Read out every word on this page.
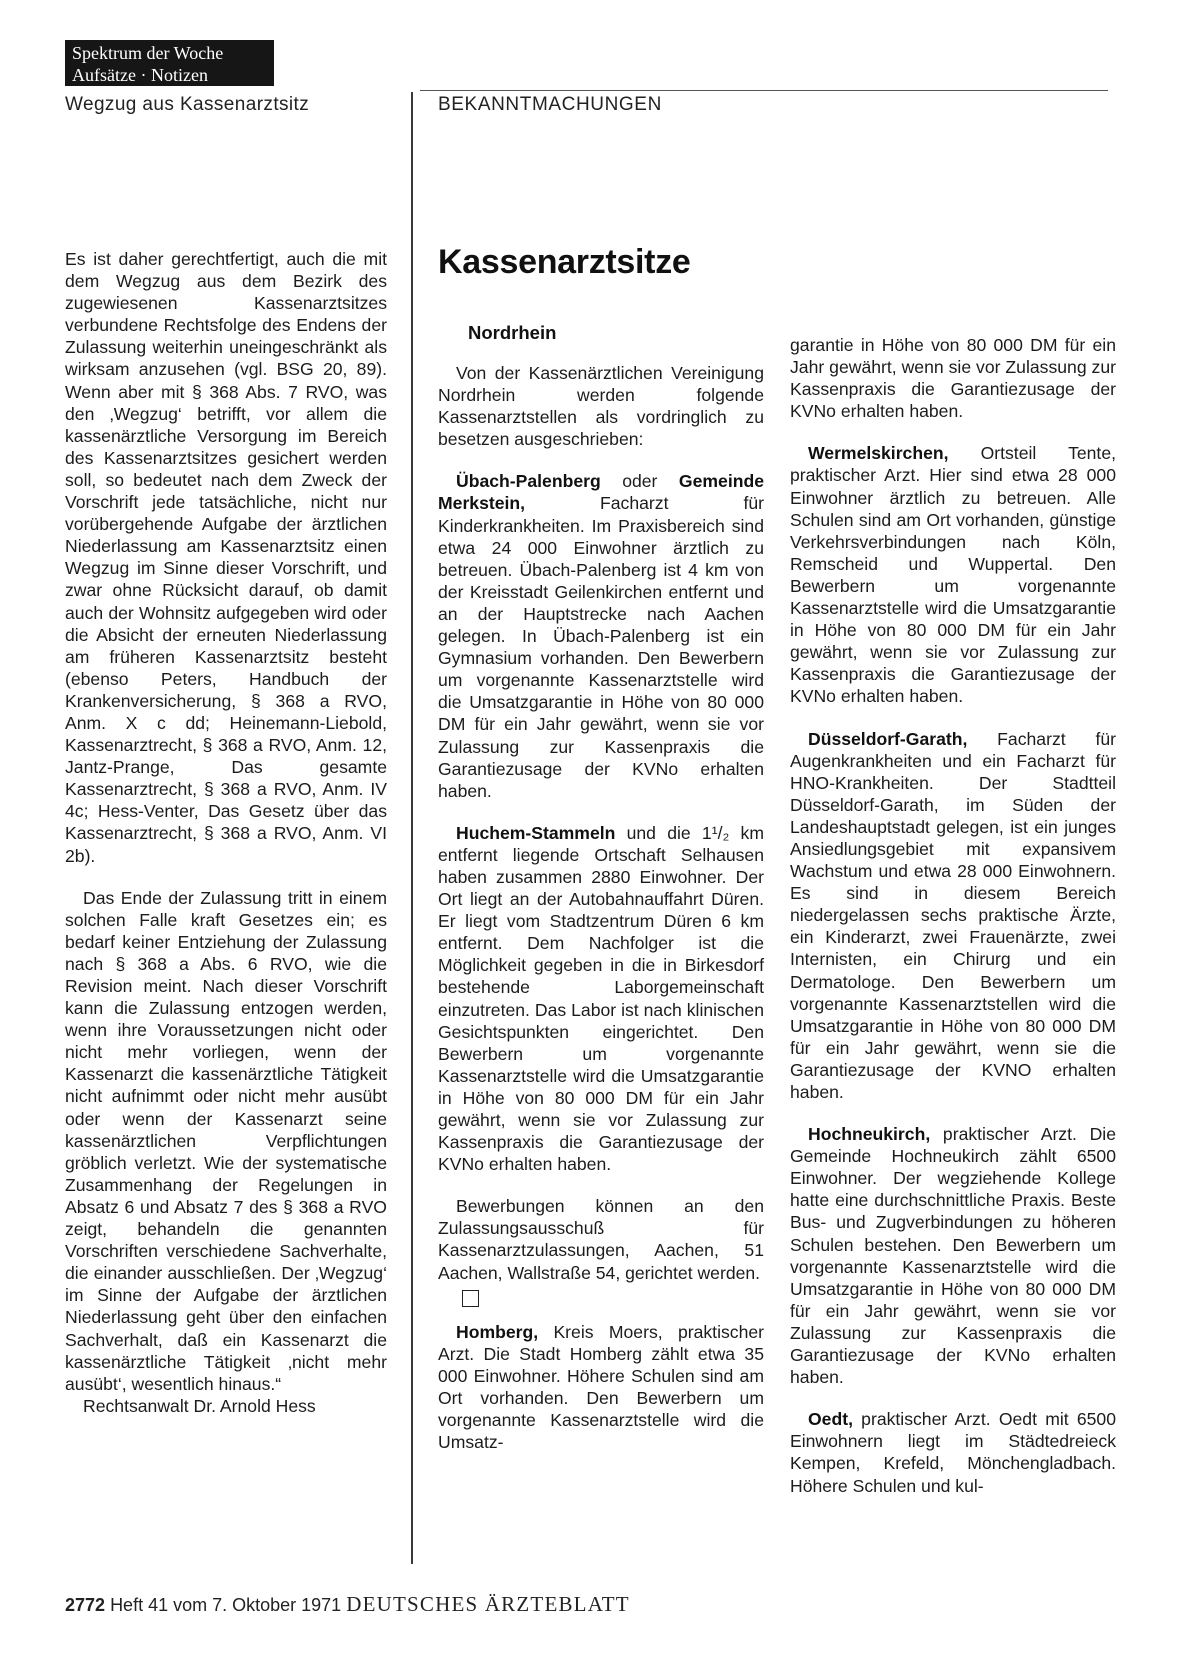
Spektrum der Woche
Aufsätze · Notizen
Wegzug aus Kassenarztsitz	BEKANNTMACHUNGEN

Es ist daher gerechtfertigt, auch die mit dem Wegzug aus dem Bezirk des zugewiesenen Kassenarztsitzes verbundene Rechtsfolge des Endens der Zulassung weiterhin uneingeschränkt als wirksam anzusehen (vgl. BSG 20, 89). Wenn aber mit § 368 Abs. 7 RVO, was den ‚Wegzug‘ betrifft, vor allem die kassenärztliche Versorgung im Bereich des Kassenarztsitzes gesichert werden soll, so bedeutet nach dem Zweck der Vorschrift jede tatsächliche, nicht nur vorübergehende Aufgabe der ärztlichen Niederlassung am Kassenarztsitz einen Wegzug im Sinne dieser Vorschrift, und zwar ohne Rücksicht darauf, ob damit auch der Wohnsitz aufgegeben wird oder die Absicht der erneuten Niederlassung am früheren Kassenarztsitz besteht (ebenso Peters, Handbuch der Krankenversicherung, § 368 a RVO, Anm. X c dd; Heinemann-Liebold, Kassenarztrecht, § 368 a RVO, Anm. 12, Jantz-Prange, Das gesamte Kassenarztrecht, § 368 a RVO, Anm. IV 4c; Hess-Venter, Das Gesetz über das Kassenarztrecht, § 368 a RVO, Anm. VI 2b).

Das Ende der Zulassung tritt in einem solchen Falle kraft Gesetzes ein; es bedarf keiner Entziehung der Zulassung nach § 368 a Abs. 6 RVO, wie die Revision meint. Nach dieser Vorschrift kann die Zulassung entzogen werden, wenn ihre Voraussetzungen nicht oder nicht mehr vorliegen, wenn der Kassenarzt die kassenärztliche Tätigkeit nicht aufnimmt oder nicht mehr ausübt oder wenn der Kassenarzt seine kassenärztlichen Verpflichtungen gröblich verletzt. Wie der systematische Zusammenhang der Regelungen in Absatz 6 und Absatz 7 des § 368 a RVO zeigt, behandeln die genannten Vorschriften verschiedene Sachverhalte, die einander ausschließen. Der ‚Wegzug‘ im Sinne der Aufgabe der ärztlichen Niederlassung geht über den einfachen Sachverhalt, daß ein Kassenarzt die kassenärztliche Tätigkeit ‚nicht mehr ausübt‘, wesentlich hinaus.“

Rechtsanwalt Dr. Arnold Hess

Kassenarztsitze
Nordrhein

Von der Kassenärztlichen Vereinigung Nordrhein werden folgende Kassenarztstellen als vordringlich zu besetzen ausgeschrieben:

Übach-Palenberg oder Gemeinde Merkstein, Facharzt für Kinderkrankheiten. Im Praxisbereich sind etwa 24 000 Einwohner ärztlich zu betreuen. Übach-Palenberg ist 4 km von der Kreisstadt Geilenkirchen entfernt und an der Hauptstrecke nach Aachen gelegen. In Übach-Palenberg ist ein Gymnasium vorhanden. Den Bewerbern um vorgenannte Kassenarztstelle wird die Umsatzgarantie in Höhe von 80 000 DM für ein Jahr gewährt, wenn sie vor Zulassung zur Kassenpraxis die Garantiezusage der KVNo erhalten haben.

Huchem-Stammeln und die 1¹/₂ km entfernt liegende Ortschaft Selhausen haben zusammen 2880 Einwohner. Der Ort liegt an der Autobahnauffahrt Düren. Er liegt vom Stadtzentrum Düren 6 km entfernt. Dem Nachfolger ist die Möglichkeit gegeben in die in Birkesdorf bestehende Laborgemeinschaft einzutreten. Das Labor ist nach klinischen Gesichtspunkten eingerichtet. Den Bewerbern um vorgenannte Kassenarztstelle wird die Umsatzgarantie in Höhe von 80 000 DM für ein Jahr gewährt, wenn sie vor Zulassung zur Kassenpraxis die Garantiezusage der KVNo erhalten haben.

Bewerbungen können an den Zulassungsausschuß für Kassenarztzulassungen, Aachen, 51 Aachen, Wallstraße 54, gerichtet werden.

Homberg, Kreis Moers, praktischer Arzt. Die Stadt Homberg zählt etwa 35 000 Einwohner. Höhere Schulen sind am Ort vorhanden. Den Bewerbern um vorgenannte Kassenarztstelle wird die Umsatz-

garantie in Höhe von 80 000 DM für ein Jahr gewährt, wenn sie vor Zulassung zur Kassenpraxis die Garantiezusage der KVNo erhalten haben.

Wermelskirchen, Ortsteil Tente, praktischer Arzt. Hier sind etwa 28 000 Einwohner ärztlich zu betreuen. Alle Schulen sind am Ort vorhanden, günstige Verkehrsverbindungen nach Köln, Remscheid und Wuppertal. Den Bewerbern um vorgenannte Kassenarztstelle wird die Umsatzgarantie in Höhe von 80 000 DM für ein Jahr gewährt, wenn sie vor Zulassung zur Kassenpraxis die Garantiezusage der KVNo erhalten haben.

Düsseldorf-Garath, Facharzt für Augenkrankheiten und ein Facharzt für HNO-Krankheiten. Der Stadtteil Düsseldorf-Garath, im Süden der Landeshauptstadt gelegen, ist ein junges Ansiedlungsgebiet mit expansivem Wachstum und etwa 28 000 Einwohnern. Es sind in diesem Bereich niedergelassen sechs praktische Ärzte, ein Kinderarzt, zwei Frauenärzte, zwei Internisten, ein Chirurg und ein Dermatologe. Den Bewerbern um vorgenannte Kassenarztstellen wird die Umsatzgarantie in Höhe von 80 000 DM für ein Jahr gewährt, wenn sie die Garantiezusage der KVNO erhalten haben.

Hochneukirch, praktischer Arzt. Die Gemeinde Hochneukirch zählt 6500 Einwohner. Der wegziehende Kollege hatte eine durchschnittliche Praxis. Beste Bus- und Zugverbindungen zu höheren Schulen bestehen. Den Bewerbern um vorgenannte Kassenarztstelle wird die Umsatzgarantie in Höhe von 80 000 DM für ein Jahr gewährt, wenn sie vor Zulassung zur Kassenpraxis die Garantiezusage der KVNo erhalten haben.

Oedt, praktischer Arzt. Oedt mit 6500 Einwohnern liegt im Städtedreieck Kempen, Krefeld, Mönchengladbach. Höhere Schulen und kul-

2772 Heft 41 vom 7. Oktober 1971 DEUTSCHES ÄRZTEBLATT
